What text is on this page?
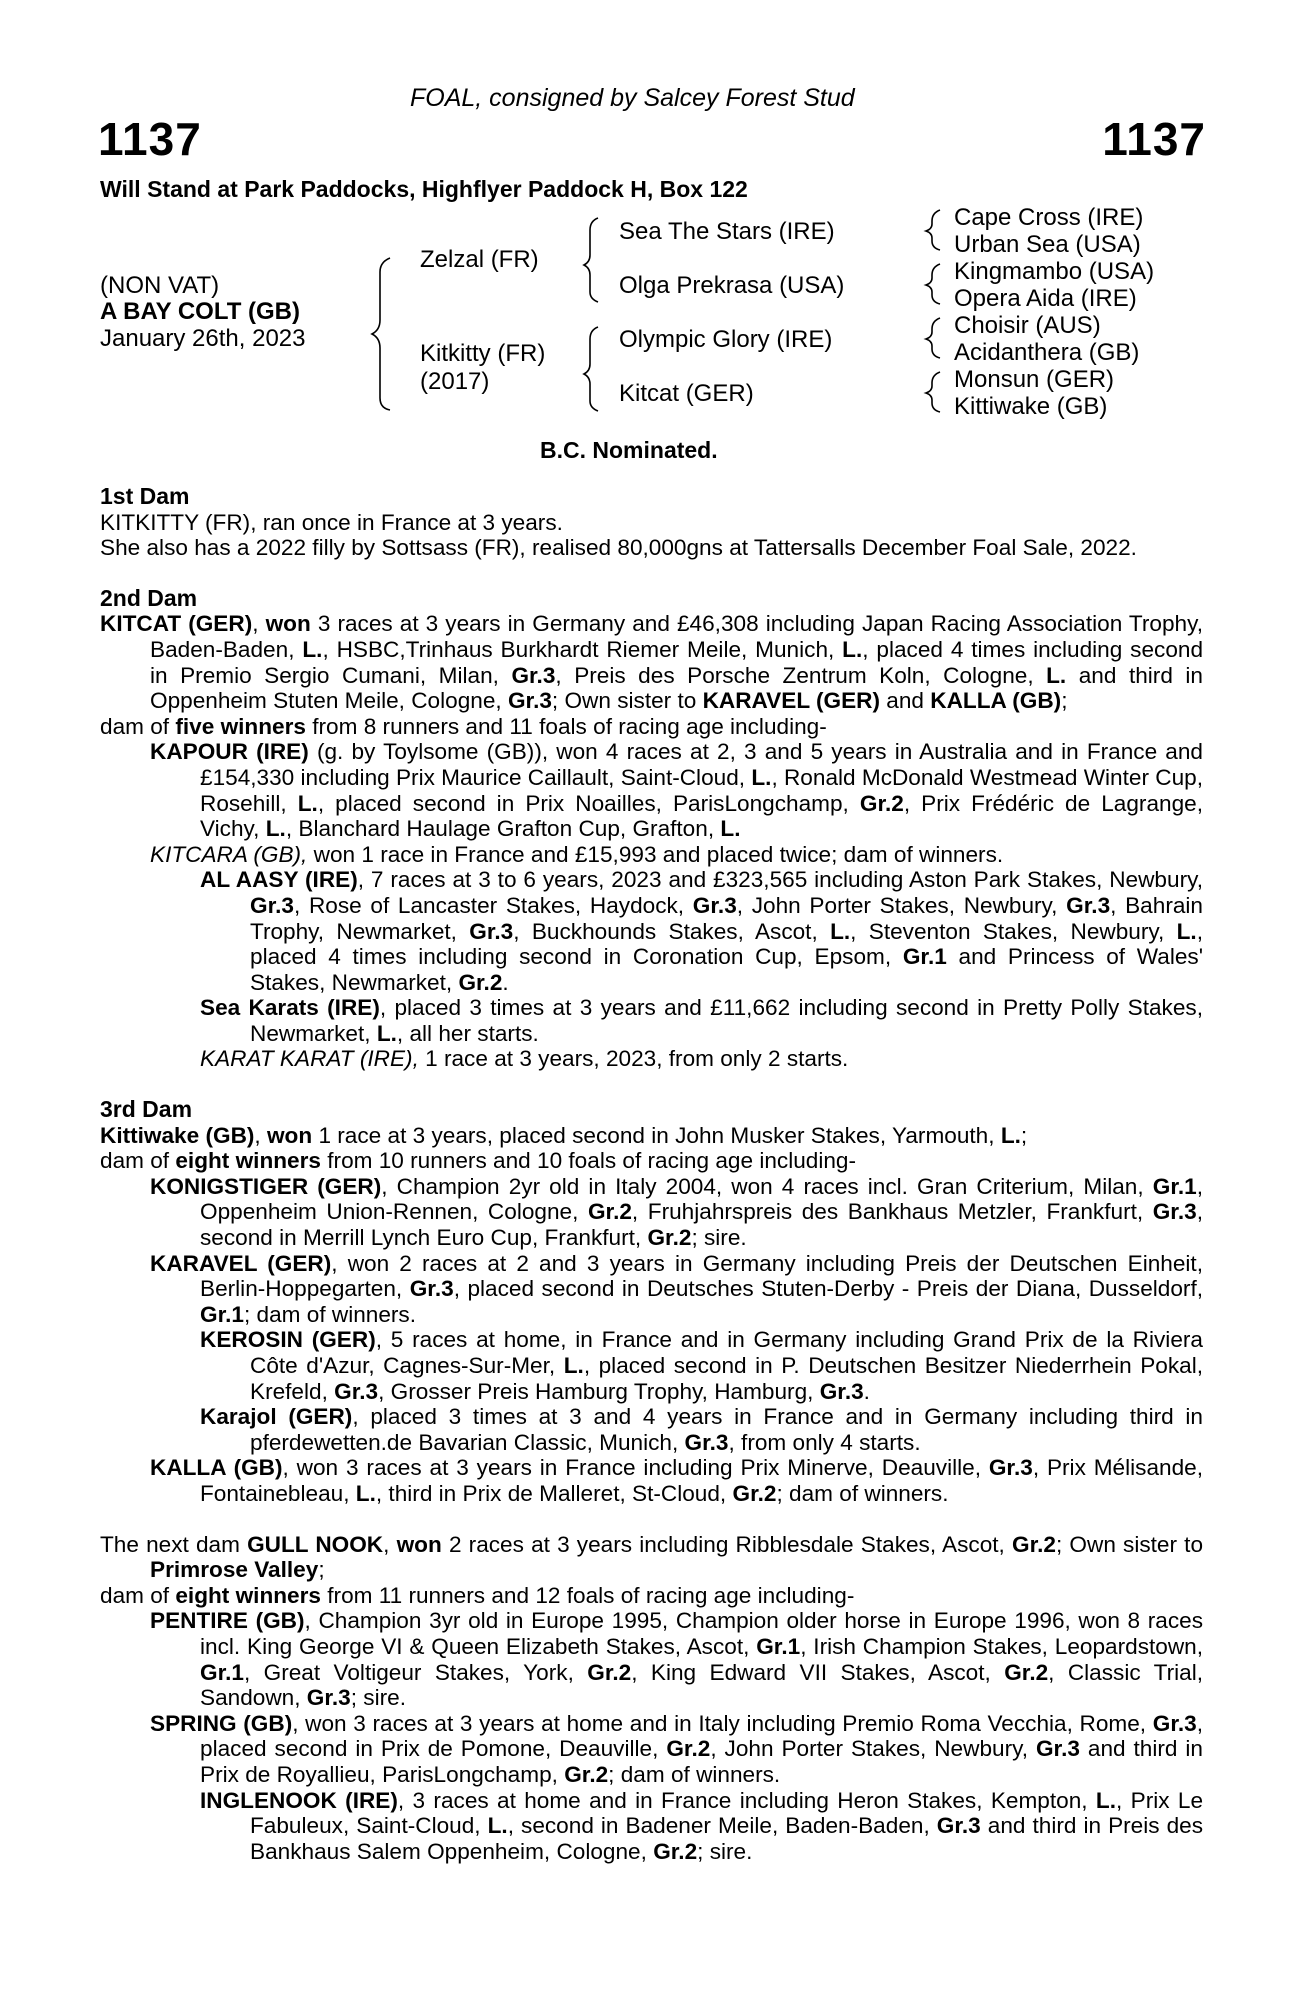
FOAL, consigned by Salcey Forest Stud
1137	1137
Will Stand at Park Paddocks, Highflyer Paddock H, Box 122
(NON VAT)
A BAY COLT (GB)
January 26th, 2023
Zelzal (FR)
Kitkitty (FR)
(2017)
Sea The Stars (IRE)
Olga Prekrasa (USA)
Olympic Glory (IRE)
Kitcat (GER)
Cape Cross (IRE)
Urban Sea (USA)
Kingmambo (USA)
Opera Aida (IRE)
Choisir (AUS)
Acidanthera (GB)
Monsun (GER)
Kittiwake (GB)
B.C. Nominated.

1st Dam

KITKITTY (FR), ran once in France at 3 years.

She also has a 2022 filly by Sottsass (FR), realised 80,000gns at Tattersalls December Foal Sale, 2022.

2nd Dam

KITCAT (GER), won 3 races at 3 years in Germany and £46,308 including Japan Racing Association Trophy, Baden-Baden, L., HSBC,Trinhaus Burkhardt Riemer Meile, Munich, L., placed 4 times including second in Premio Sergio Cumani, Milan, Gr.3, Preis des Porsche Zentrum Koln, Cologne, L. and third in Oppenheim Stuten Meile, Cologne, Gr.3; Own sister to KARAVEL (GER) and KALLA (GB);

dam of five winners from 8 runners and 11 foals of racing age including-

KAPOUR (IRE) (g. by Toylsome (GB)), won 4 races at 2, 3 and 5 years in Australia and in France and £154,330 including Prix Maurice Caillault, Saint-Cloud, L., Ronald McDonald Westmead Winter Cup, Rosehill, L., placed second in Prix Noailles, ParisLongchamp, Gr.2, Prix Frédéric de Lagrange, Vichy, L., Blanchard Haulage Grafton Cup, Grafton, L.

KITCARA (GB), won 1 race in France and £15,993 and placed twice; dam of winners.

AL AASY (IRE), 7 races at 3 to 6 years, 2023 and £323,565 including Aston Park Stakes, Newbury, Gr.3, Rose of Lancaster Stakes, Haydock, Gr.3, John Porter Stakes, Newbury, Gr.3, Bahrain Trophy, Newmarket, Gr.3, Buckhounds Stakes, Ascot, L., Steventon Stakes, Newbury, L., placed 4 times including second in Coronation Cup, Epsom, Gr.1 and Princess of Wales' Stakes, Newmarket, Gr.2.

Sea Karats (IRE), placed 3 times at 3 years and £11,662 including second in Pretty Polly Stakes, Newmarket, L., all her starts.

KARAT KARAT (IRE), 1 race at 3 years, 2023, from only 2 starts.

3rd Dam

Kittiwake (GB), won 1 race at 3 years, placed second in John Musker Stakes, Yarmouth, L.;

dam of eight winners from 10 runners and 10 foals of racing age including-

KONIGSTIGER (GER), Champion 2yr old in Italy 2004, won 4 races incl. Gran Criterium, Milan, Gr.1, Oppenheim Union-Rennen, Cologne, Gr.2, Fruhjahrspreis des Bankhaus Metzler, Frankfurt, Gr.3, second in Merrill Lynch Euro Cup, Frankfurt, Gr.2; sire.

KARAVEL (GER), won 2 races at 2 and 3 years in Germany including Preis der Deutschen Einheit, Berlin-Hoppegarten, Gr.3, placed second in Deutsches Stuten-Derby - Preis der Diana, Dusseldorf, Gr.1; dam of winners.

KEROSIN (GER), 5 races at home, in France and in Germany including Grand Prix de la Riviera Côte d'Azur, Cagnes-Sur-Mer, L., placed second in P. Deutschen Besitzer Niederrhein Pokal, Krefeld, Gr.3, Grosser Preis Hamburg Trophy, Hamburg, Gr.3.

Karajol (GER), placed 3 times at 3 and 4 years in France and in Germany including third in pferdewetten.de Bavarian Classic, Munich, Gr.3, from only 4 starts.

KALLA (GB), won 3 races at 3 years in France including Prix Minerve, Deauville, Gr.3, Prix Mélisande, Fontainebleau, L., third in Prix de Malleret, St-Cloud, Gr.2; dam of winners.

The next dam GULL NOOK, won 2 races at 3 years including Ribblesdale Stakes, Ascot, Gr.2; Own sister to Primrose Valley;

dam of eight winners from 11 runners and 12 foals of racing age including-

PENTIRE (GB), Champion 3yr old in Europe 1995, Champion older horse in Europe 1996, won 8 races incl. King George VI & Queen Elizabeth Stakes, Ascot, Gr.1, Irish Champion Stakes, Leopardstown, Gr.1, Great Voltigeur Stakes, York, Gr.2, King Edward VII Stakes, Ascot, Gr.2, Classic Trial, Sandown, Gr.3; sire.

SPRING (GB), won 3 races at 3 years at home and in Italy including Premio Roma Vecchia, Rome, Gr.3, placed second in Prix de Pomone, Deauville, Gr.2, John Porter Stakes, Newbury, Gr.3 and third in Prix de Royallieu, ParisLongchamp, Gr.2; dam of winners.

INGLENOOK (IRE), 3 races at home and in France including Heron Stakes, Kempton, L., Prix Le Fabuleux, Saint-Cloud, L., second in Badener Meile, Baden-Baden, Gr.3 and third in Preis des Bankhaus Salem Oppenheim, Cologne, Gr.2; sire.
